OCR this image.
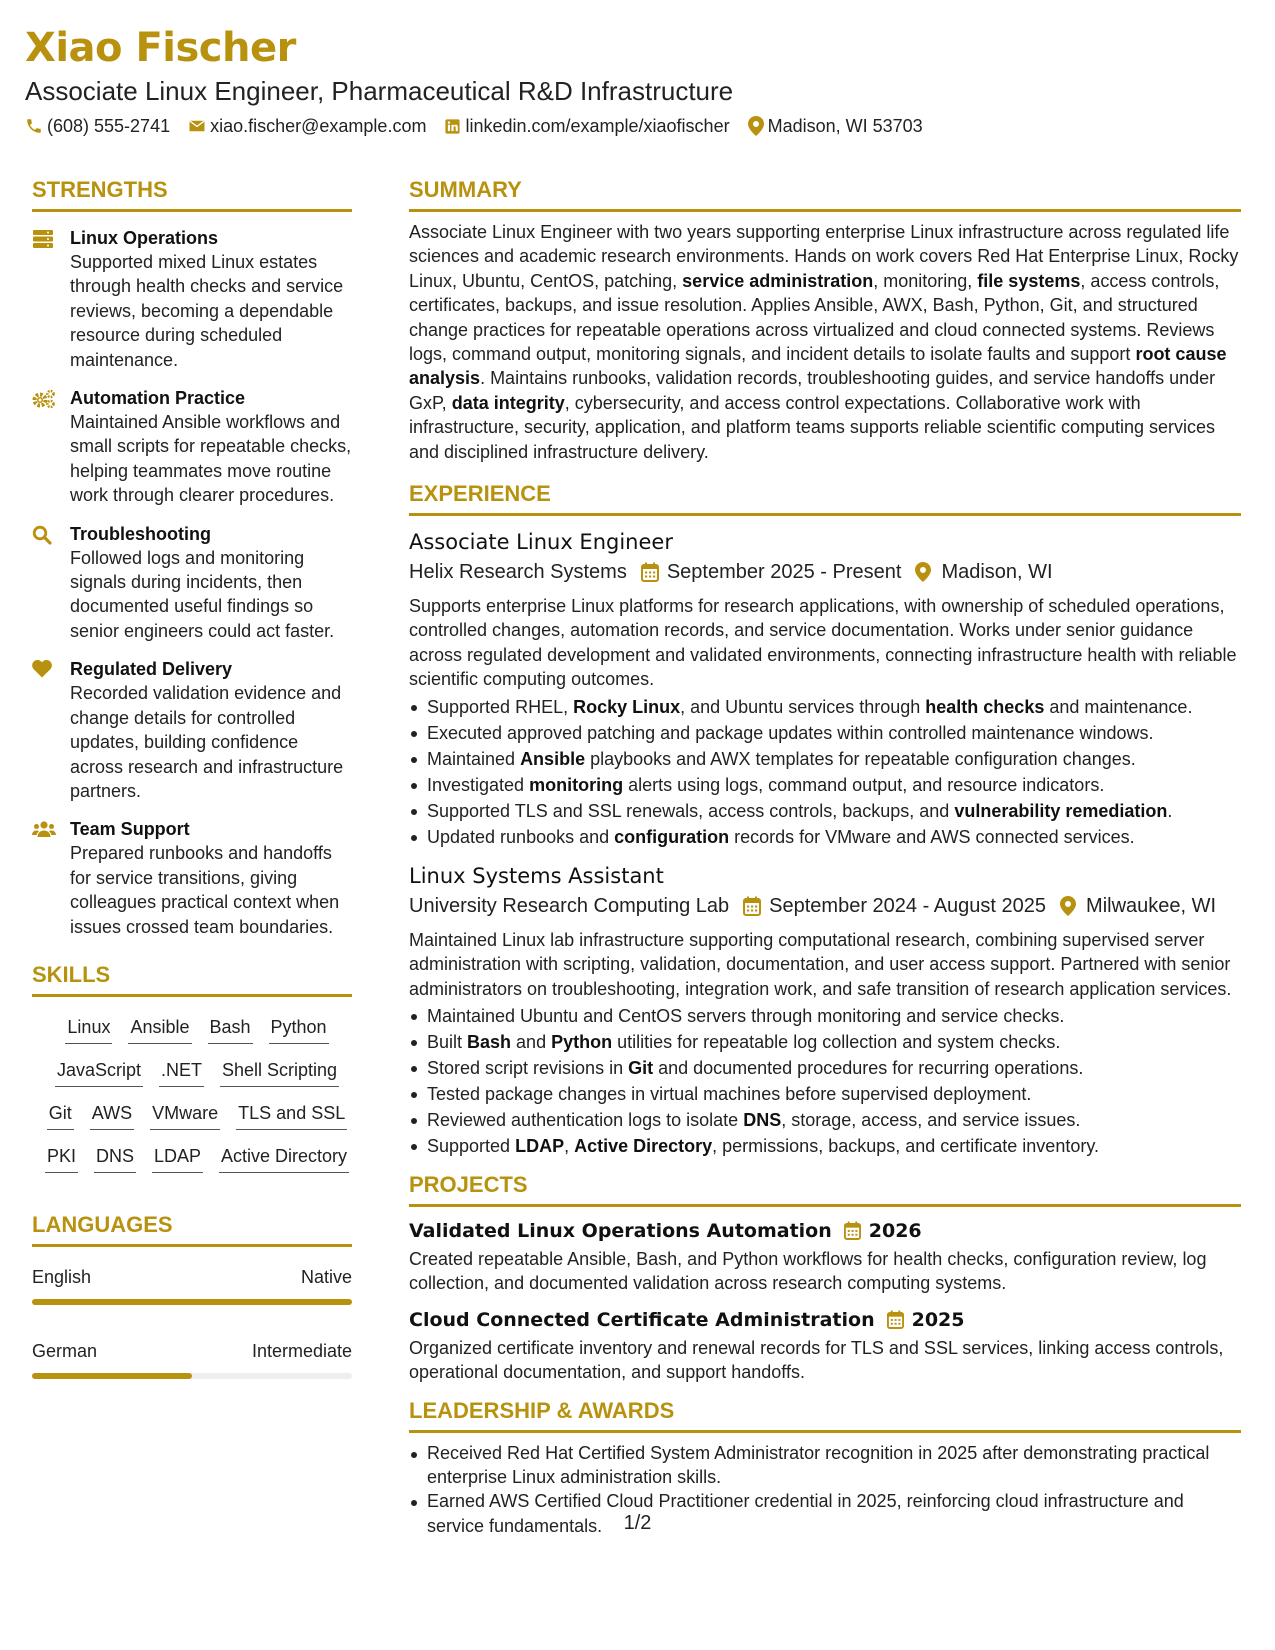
Xiao Fischer
Associate Linux Engineer, Pharmaceutical R&D Infrastructure
(608) 555-2741 xiao.fischer@example.com linkedin.com/example/xiaofischer Madison, WI 53703
STRENGTHS
Linux Operations
Supported mixed Linux estates through health checks and service reviews, becoming a dependable resource during scheduled maintenance.
Automation Practice
Maintained Ansible workflows and small scripts for repeatable checks, helping teammates move routine work through clearer procedures.
Troubleshooting
Followed logs and monitoring signals during incidents, then documented useful findings so senior engineers could act faster.
Regulated Delivery
Recorded validation evidence and change details for controlled updates, building confidence across research and infrastructure partners.
Team Support
Prepared runbooks and handoffs for service transitions, giving colleagues practical context when issues crossed team boundaries.
SKILLS
Linux Ansible Bash Python
JavaScript .NET Shell Scripting
Git AWS VMware TLS and SSL
PKI DNS LDAP Active Directory
LANGUAGES
English	Native
German	Intermediate
SUMMARY

Associate Linux Engineer with two years supporting enterprise Linux infrastructure across regulated life sciences and academic research environments. Hands on work covers Red Hat Enterprise Linux, Rocky Linux, Ubuntu, CentOS, patching, service administration, monitoring, file systems, access controls, certificates, backups, and issue resolution. Applies Ansible, AWX, Bash, Python, Git, and structured change practices for repeatable operations across virtualized and cloud connected systems. Reviews logs, command output, monitoring signals, and incident details to isolate faults and support root cause analysis. Maintains runbooks, validation records, troubleshooting guides, and service handoffs under GxP, data integrity, cybersecurity, and access control expectations. Collaborative work with infrastructure, security, application, and platform teams supports reliable scientific computing services and disciplined infrastructure delivery.

EXPERIENCE
Associate Linux Engineer
Helix Research Systems September 2025 - Present Madison, WI

Supports enterprise Linux platforms for research applications, with ownership of scheduled operations, controlled changes, automation records, and service documentation. Works under senior guidance across regulated development and validated environments, connecting infrastructure health with reliable scientific computing outcomes.

Supported RHEL, Rocky Linux, and Ubuntu services through health checks and maintenance.
Executed approved patching and package updates within controlled maintenance windows.
Maintained Ansible playbooks and AWX templates for repeatable configuration changes.
Investigated monitoring alerts using logs, command output, and resource indicators.
Supported TLS and SSL renewals, access controls, backups, and vulnerability remediation.
Updated runbooks and configuration records for VMware and AWS connected services.
Linux Systems Assistant
University Research Computing Lab September 2024 - August 2025 Milwaukee, WI

Maintained Linux lab infrastructure supporting computational research, combining supervised server administration with scripting, validation, documentation, and user access support. Partnered with senior administrators on troubleshooting, integration work, and safe transition of research application services.

Maintained Ubuntu and CentOS servers through monitoring and service checks.
Built Bash and Python utilities for repeatable log collection and system checks.
Stored script revisions in Git and documented procedures for recurring operations.
Tested package changes in virtual machines before supervised deployment.
Reviewed authentication logs to isolate DNS, storage, access, and service issues.
Supported LDAP, Active Directory, permissions, backups, and certificate inventory.
PROJECTS
Validated Linux Operations Automation 2026

Created repeatable Ansible, Bash, and Python workflows for health checks, configuration review, log collection, and documented validation across research computing systems.

Cloud Connected Certificate Administration 2025

Organized certificate inventory and renewal records for TLS and SSL services, linking access controls, operational documentation, and support handoffs.

LEADERSHIP & AWARDS
Received Red Hat Certified System Administrator recognition in 2025 after demonstrating practical enterprise Linux administration skills.
Earned AWS Certified Cloud Practitioner credential in 2025, reinforcing cloud infrastructure and service fundamentals.	1/2
